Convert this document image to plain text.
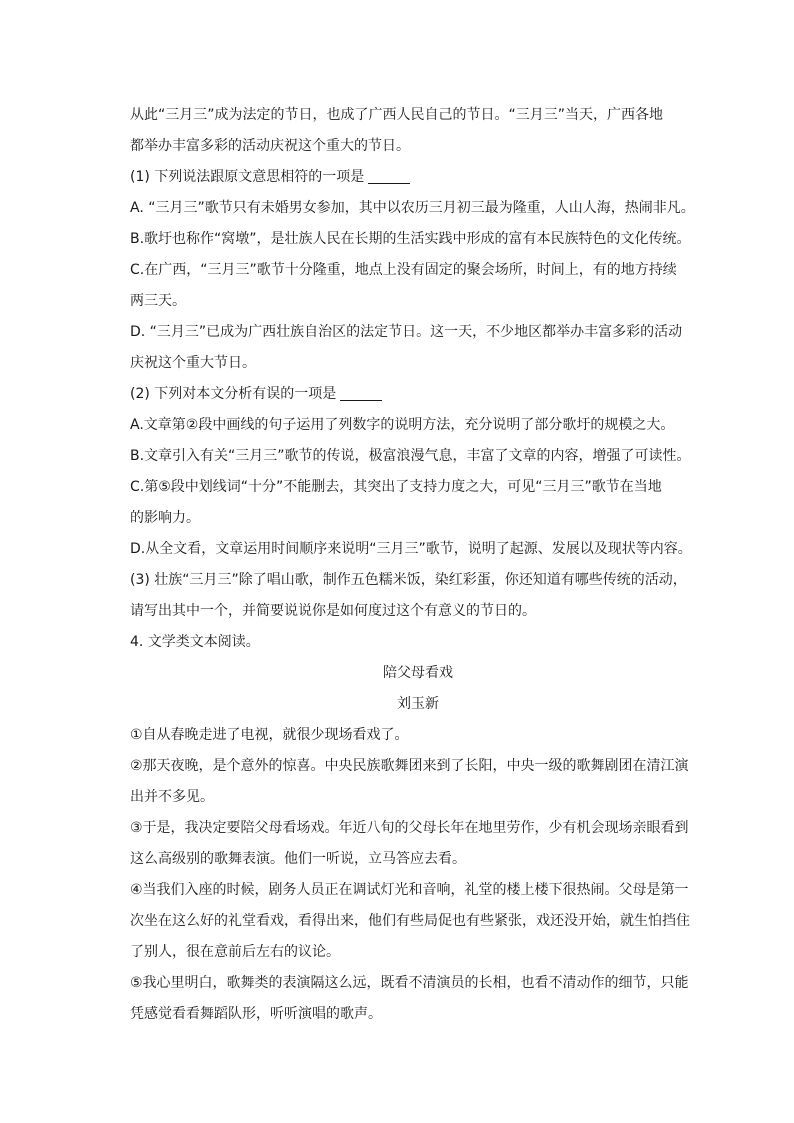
从此“三月三”成为法定的节日，也成了广西人民自己的节日。“三月三”当天，广西各地
都举办丰富多彩的活动庆祝这个重大的节日。
(1) 下列说法跟原文意思相符的一项是
A. “三月三”歌节只有未婚男女参加，其中以农历三月初三最为隆重，人山人海，热闹非凡。
B.歌圩也称作“窝墩”，是壮族人民在长期的生活实践中形成的富有本民族特色的文化传统。
C.在广西，“三月三”歌节十分隆重，地点上没有固定的聚会场所，时间上，有的地方持续
两三天。
D. “三月三”已成为广西壮族自治区的法定节日。这一天，不少地区都举办丰富多彩的活动
庆祝这个重大节日。
(2) 下列对本文分析有误的一项是
A.文章第②段中画线的句子运用了列数字的说明方法，充分说明了部分歌圩的规模之大。
B.文章引入有关“三月三”歌节的传说，极富浪漫气息，丰富了文章的内容，增强了可读性。
C.第⑤段中划线词“十分”不能删去，其突出了支持力度之大，可见“三月三”歌节在当地
的影响力。
D.从全文看，文章运用时间顺序来说明“三月三”歌节，说明了起源、发展以及现状等内容。
(3) 壮族“三月三”除了唱山歌，制作五色糯米饭，染红彩蛋，你还知道有哪些传统的活动，
请写出其中一个，并简要说说你是如何度过这个有意义的节日的。
4. 文学类文本阅读。
陪父母看戏
刘玉新
①自从春晚走进了电视，就很少现场看戏了。
②那天夜晚，是个意外的惊喜。中央民族歌舞团来到了长阳，中央一级的歌舞剧团在清江演
出并不多见。
③于是，我决定要陪父母看场戏。年近八旬的父母长年在地里劳作，少有机会现场亲眼看到
这么高级别的歌舞表演。他们一听说，立马答应去看。
④当我们入座的时候，剧务人员正在调试灯光和音响，礼堂的楼上楼下很热闹。父母是第一
次坐在这么好的礼堂看戏，看得出来，他们有些局促也有些紧张，戏还没开始，就生怕挡住
了别人，很在意前后左右的议论。
⑤我心里明白，歌舞类的表演隔这么远，既看不清演员的长相，也看不清动作的细节，只能
凭感觉看看舞蹈队形，听听演唱的歌声。
